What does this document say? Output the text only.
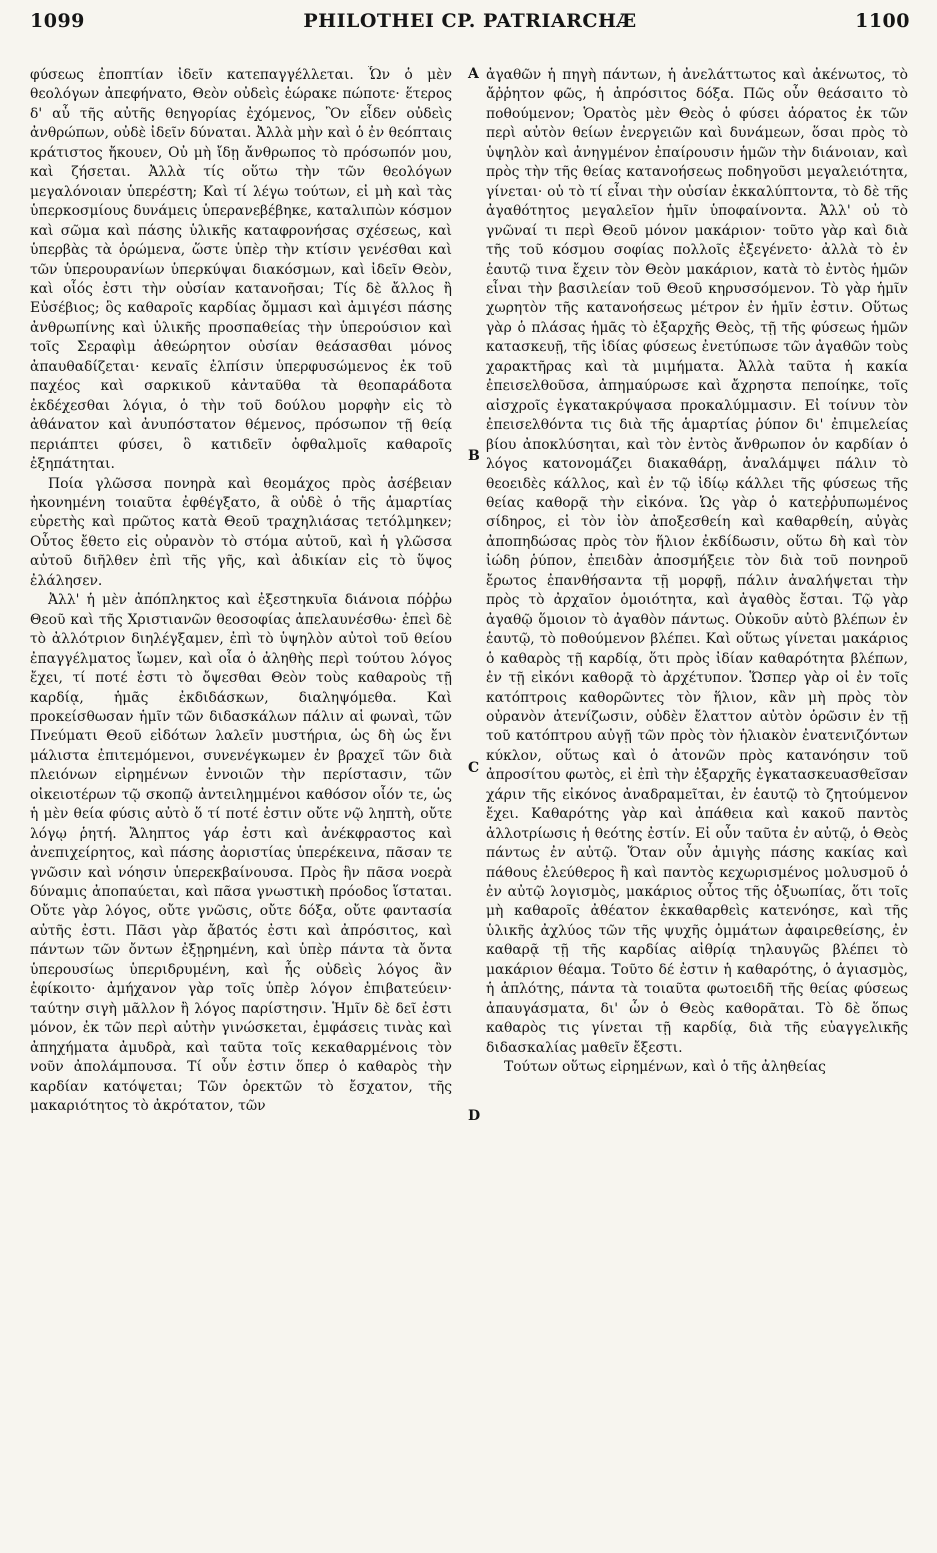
1099	PHILOTHEI CP. PATRIARCHÆ	1100

φύσεως ἐποπτίαν ἰδεῖν κατεπαγγέλλεται. Ὧν ὁ μὲν θεολόγων ἀπεφήνατο, Θεὸν οὐδεὶς ἑώρακε πώποτε· ἕτερος δ' αὖ τῆς αὐτῆς θεηγορίας ἐχόμενος, Ὃν εἶδεν οὐδεὶς ἀνθρώπων, οὐδὲ ἰδεῖν δύναται. Ἀλλὰ μὴν καὶ ὁ ἐν θεόπταις κράτιστος ἤκουεν, Οὐ μὴ ἴδῃ ἄνθρωπος τὸ πρόσωπόν μου, καὶ ζήσεται. Ἀλλὰ τίς οὕτω τὴν τῶν θεολόγων μεγαλόνοιαν ὑπερέστη; Καὶ τί λέγω τούτων, εἰ μὴ καὶ τὰς ὑπερκοσμίους δυνάμεις ὑπερανεβέβηκε, καταλιπὼν κόσμον καὶ σῶμα καὶ πάσης ὑλικῆς καταφρονήσας σχέσεως, καὶ ὑπερβὰς τὰ ὁρώμενα, ὥστε ὑπὲρ τὴν κτίσιν γενέσθαι καὶ τῶν ὑπερουρανίων ὑπερκύψαι διακόσμων, καὶ ἰδεῖν Θεὸν, καὶ οἷός ἐστι τὴν οὐσίαν κατανοῆσαι; Τίς δὲ ἄλλος ἢ Εὐσέβιος; ὃς καθαροῖς καρδίας ὄμμασι καὶ ἀμιγέσι πάσης ἀνθρωπίνης καὶ ὑλικῆς προσπαθείας τὴν ὑπερούσιον καὶ τοῖς Σεραφὶμ ἀθεώρητον οὐσίαν θεάσασθαι μόνος ἀπαυθαδίζεται· κεναῖς ἐλπίσιν ὑπερφυσώμενος ἐκ τοῦ παχέος καὶ σαρκικοῦ κἀνταῦθα τὰ θεοπαράδοτα ἐκδέχεσθαι λόγια, ὁ τὴν τοῦ δούλου μορφὴν εἰς τὸ ἀθάνατον καὶ ἀνυπόστατον θέμενος, πρόσωπον τῇ θείᾳ περιάπτει φύσει, ὃ κατιδεῖν ὀφθαλμοῖς καθαροῖς ἐξηπάτηται.

Ποία γλῶσσα πονηρὰ καὶ θεομάχος πρὸς ἀσέβειαν ἠκονημένη τοιαῦτα ἐφθέγξατο, ἃ οὐδὲ ὁ τῆς ἁμαρτίας εὑρετὴς καὶ πρῶτος κατὰ Θεοῦ τραχηλιάσας τετόλμηκεν; Οὗτος ἔθετο εἰς οὐρανὸν τὸ στόμα αὐτοῦ, καὶ ἡ γλῶσσα αὐτοῦ διῆλθεν ἐπὶ τῆς γῆς, καὶ ἀδικίαν εἰς τὸ ὕψος ἐλάλησεν.

Ἀλλ' ἡ μὲν ἀπόπληκτος καὶ ἐξεστηκυῖα διάνοια πόῤῥω Θεοῦ καὶ τῆς Χριστιανῶν θεοσοφίας ἀπελαυνέσθω· ἐπεὶ δὲ τὸ ἀλλότριον διηλέγξαμεν, ἐπὶ τὸ ὑψηλὸν αὐτοὶ τοῦ θείου ἐπαγγέλματος ἴωμεν, καὶ οἷα ὁ ἀληθὴς περὶ τούτου λόγος ἔχει, τί ποτέ ἐστι τὸ ὄψεσθαι Θεὸν τοὺς καθαροὺς τῇ καρδίᾳ, ἡμᾶς ἐκδιδάσκων, διαληψόμεθα. Καὶ προκείσθωσαν ἡμῖν τῶν διδασκάλων πάλιν αἱ φωναὶ, τῶν Πνεύματι Θεοῦ εἰδότων λαλεῖν μυστήρια, ὡς δὴ ὡς ἔνι μάλιστα ἐπιτεμόμενοι, συνενέγκωμεν ἐν βραχεῖ τῶν διὰ πλειόνων εἰρημένων ἐννοιῶν τὴν περίστασιν, τῶν οἰκειοτέρων τῷ σκοπῷ ἀντειλημμένοι καθόσον οἷόν τε, ὡς ἡ μὲν θεία φύσις αὐτὸ ὅ τί ποτέ ἐστιν οὔτε νῷ ληπτὴ, οὔτε λόγῳ ῥητή. Ἄληπτος γάρ ἐστι καὶ ἀνέκφραστος καὶ ἀνεπιχείρητος, καὶ πάσης ἀοριστίας ὑπερέκεινα, πᾶσαν τε γνῶσιν καὶ νόησιν ὑπερεκβαίνουσα. Πρὸς ἣν πᾶσα νοερὰ δύναμις ἀποπαύεται, καὶ πᾶσα γνωστικὴ πρόοδος ἵσταται. Οὔτε γὰρ λόγος, οὔτε γνῶσις, οὔτε δόξα, οὔτε φαντασία αὐτῆς ἐστι. Πᾶσι γὰρ ἄβατός ἐστι καὶ ἀπρόσιτος, καὶ πάντων τῶν ὄντων ἐξῃρημένη, καὶ ὑπὲρ πάντα τὰ ὄντα ὑπερουσίως ὑπεριδρυμένη, καὶ ἧς οὐδεὶς λόγος ἂν ἐφίκοιτο· ἀμήχανον γὰρ τοῖς ὑπὲρ λόγον ἐπιβατεύειν· ταύτην σιγὴ μᾶλλον ἢ λόγος παρίστησιν. Ἡμῖν δὲ δεῖ ἐστι μόνον, ἐκ τῶν περὶ αὐτὴν γινώσκεται, ἐμφάσεις τινὰς καὶ ἀπηχήματα ἀμυδρὰ, καὶ ταῦτα τοῖς κεκαθαρμένοις τὸν νοῦν ἀπολάμπουσα. Τί οὖν ἐστιν ὅπερ ὁ καθαρὸς τὴν καρδίαν κατόψεται; Τῶν ὀρεκτῶν τὸ ἔσχατον, τῆς μακαριότητος τὸ ἀκρότατον, τῶν

A
B
C
D

ἀγαθῶν ἡ πηγὴ πάντων, ἡ ἀνελάττωτος καὶ ἀκένωτος, τὸ ἄῤῥητον φῶς, ἡ ἀπρόσιτος δόξα. Πῶς οὖν θεάσαιτο τὸ ποθούμενον; Ὁρατὸς μὲν Θεὸς ὁ φύσει ἀόρατος ἐκ τῶν περὶ αὐτὸν θείων ἐνεργειῶν καὶ δυνάμεων, ὅσαι πρὸς τὸ ὑψηλὸν καὶ ἀνηγμένον ἐπαίρουσιν ἡμῶν τὴν διάνοιαν, καὶ πρὸς τὴν τῆς θείας κατανοήσεως ποδηγοῦσι μεγαλειότητα, γίνεται· οὐ τὸ τί εἶναι τὴν οὐσίαν ἐκκαλύπτοντα, τὸ δὲ τῆς ἀγαθότητος μεγαλεῖον ἡμῖν ὑποφαίνοντα. Ἀλλ' οὐ τὸ γνῶναί τι περὶ Θεοῦ μόνον μακάριον· τοῦτο γὰρ καὶ διὰ τῆς τοῦ κόσμου σοφίας πολλοῖς ἐξεγένετο· ἀλλὰ τὸ ἐν ἑαυτῷ τινα ἔχειν τὸν Θεὸν μακάριον, κατὰ τὸ ἐντὸς ἡμῶν εἶναι τὴν βασιλείαν τοῦ Θεοῦ κηρυσσόμενον. Τὸ γὰρ ἡμῖν χωρητὸν τῆς κατανοήσεως μέτρον ἐν ἡμῖν ἐστιν. Οὕτως γὰρ ὁ πλάσας ἡμᾶς τὸ ἐξαρχῆς Θεὸς, τῇ τῆς φύσεως ἡμῶν κατασκευῇ, τῆς ἰδίας φύσεως ἐνετύπωσε τῶν ἀγαθῶν τοὺς χαρακτῆρας καὶ τὰ μιμήματα. Ἀλλὰ ταῦτα ἡ κακία ἐπεισελθοῦσα, ἀπημαύρωσε καὶ ἄχρηστα πεποίηκε, τοῖς αἰσχροῖς ἐγκατακρύψασα προκαλύμμασιν. Εἰ τοίνυν τὸν ἐπεισελθόντα τις διὰ τῆς ἁμαρτίας ῥύπον δι' ἐπιμελείας βίου ἀποκλύσηται, καὶ τὸν ἐντὸς ἄνθρωπον ὁν καρδίαν ὁ λόγος κατονομάζει διακαθάρῃ, ἀναλάμψει πάλιν τὸ θεοειδὲς κάλλος, καὶ ἐν τῷ ἰδίῳ κάλλει τῆς φύσεως τῆς θείας καθορᾷ τὴν εἰκόνα. Ὡς γὰρ ὁ κατεῤῥυπωμένος σίδηρος, εἰ τὸν ἰὸν ἀποξεσθείη καὶ καθαρθείη, αὐγὰς ἀποπηδώσας πρὸς τὸν ἥλιον ἐκδίδωσιν, οὕτω δὴ καὶ τὸν ἰώδη ῥύπον, ἐπειδὰν ἀποσμήξειε τὸν διὰ τοῦ πονηροῦ ἔρωτος ἐπανθήσαντα τῇ μορφῇ, πάλιν ἀναλήψεται τὴν πρὸς τὸ ἀρχαῖον ὁμοιότητα, καὶ ἀγαθὸς ἔσται. Τῷ γὰρ ἀγαθῷ ὅμοιον τὸ ἀγαθὸν πάντως. Οὐκοῦν αὐτὸ βλέπων ἐν ἑαυτῷ, τὸ ποθούμενον βλέπει. Καὶ οὕτως γίνεται μακάριος ὁ καθαρὸς τῇ καρδίᾳ, ὅτι πρὸς ἰδίαν καθαρότητα βλέπων, ἐν τῇ εἰκόνι καθορᾷ τὸ ἀρχέτυπον. Ὥσπερ γὰρ οἱ ἐν τοῖς κατόπτροις καθορῶντες τὸν ἥλιον, κἂν μὴ πρὸς τὸν οὐρανὸν ἀτενίζωσιν, οὐδὲν ἔλαττον αὐτὸν ὁρῶσιν ἐν τῇ τοῦ κατόπτρου αὐγῇ τῶν πρὸς τὸν ἡλιακὸν ἐνατενιζόντων κύκλον, οὕτως καὶ ὁ ἀτονῶν πρὸς κατανόησιν τοῦ ἀπροσίτου φωτὸς, εἰ ἐπὶ τὴν ἐξαρχῆς ἐγκατασκευασθεῖσαν χάριν τῆς εἰκόνος ἀναδραμεῖται, ἐν ἑαυτῷ τὸ ζητούμενον ἔχει. Καθαρότης γὰρ καὶ ἀπάθεια καὶ κακοῦ παντὸς ἀλλοτρίωσις ἡ θεότης ἐστίν. Εἰ οὖν ταῦτα ἐν αὐτῷ, ὁ Θεὸς πάντως ἐν αὐτῷ. Ὅταν οὖν ἀμιγὴς πάσης κακίας καὶ πάθους ἐλεύθερος ἢ καὶ παντὸς κεχωρισμένος μολυσμοῦ ὁ ἐν αὐτῷ λογισμὸς, μακάριος οὗτος τῆς ὀξυωπίας, ὅτι τοῖς μὴ καθαροῖς ἀθέατον ἐκκαθαρθεὶς κατενόησε, καὶ τῆς ὑλικῆς ἀχλύος τῶν τῆς ψυχῆς ὀμμάτων ἀφαιρεθείσης, ἐν καθαρᾷ τῇ τῆς καρδίας αἰθρίᾳ τηλαυγῶς βλέπει τὸ μακάριον θέαμα. Τοῦτο δέ ἐστιν ἡ καθαρότης, ὁ ἁγιασμὸς, ἡ ἁπλότης, πάντα τὰ τοιαῦτα φωτοειδῆ τῆς θείας φύσεως ἀπαυγάσματα, δι' ὧν ὁ Θεὸς καθορᾶται. Τὸ δὲ ὅπως καθαρὸς τις γίνεται τῇ καρδίᾳ, διὰ τῆς εὐαγγελικῆς διδασκαλίας μαθεῖν ἔξεστι.

Τούτων οὕτως εἰρημένων, καὶ ὁ τῆς ἀληθείας
